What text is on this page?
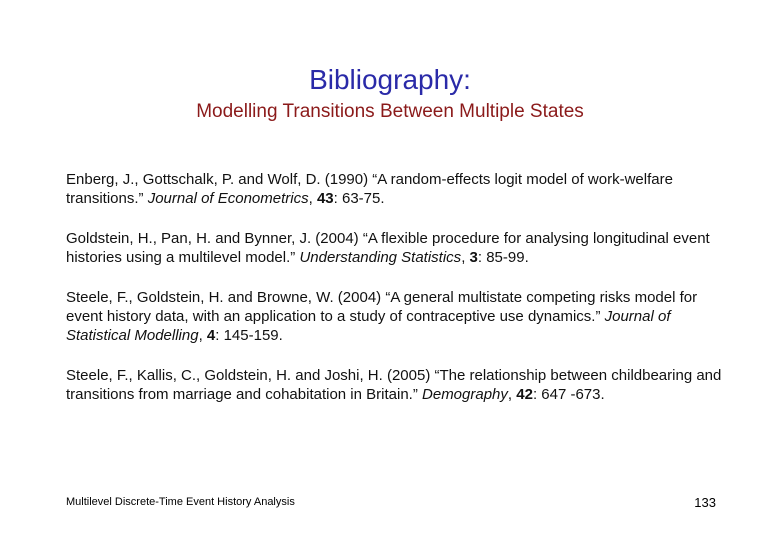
Bibliography:
Modelling Transitions Between Multiple States

Enberg, J., Gottschalk, P. and Wolf, D. (1990) “A random-effects logit model of work-welfare transitions.” Journal of Econometrics, 43: 63-75.

Goldstein, H., Pan, H. and Bynner, J. (2004) “A flexible procedure for analysing longitudinal event histories using a multilevel model.” Understanding Statistics, 3: 85-99.

Steele, F., Goldstein, H. and Browne, W. (2004) “A general multistate competing risks model for event history data, with an application to a study of contraceptive use dynamics.” Journal of Statistical Modelling, 4: 145-159.

Steele, F., Kallis, C., Goldstein, H. and Joshi, H. (2005) “The relationship between childbearing and transitions from marriage and cohabitation in Britain.” Demography, 42: 647 -673.

Multilevel Discrete-Time Event History Analysis	133
